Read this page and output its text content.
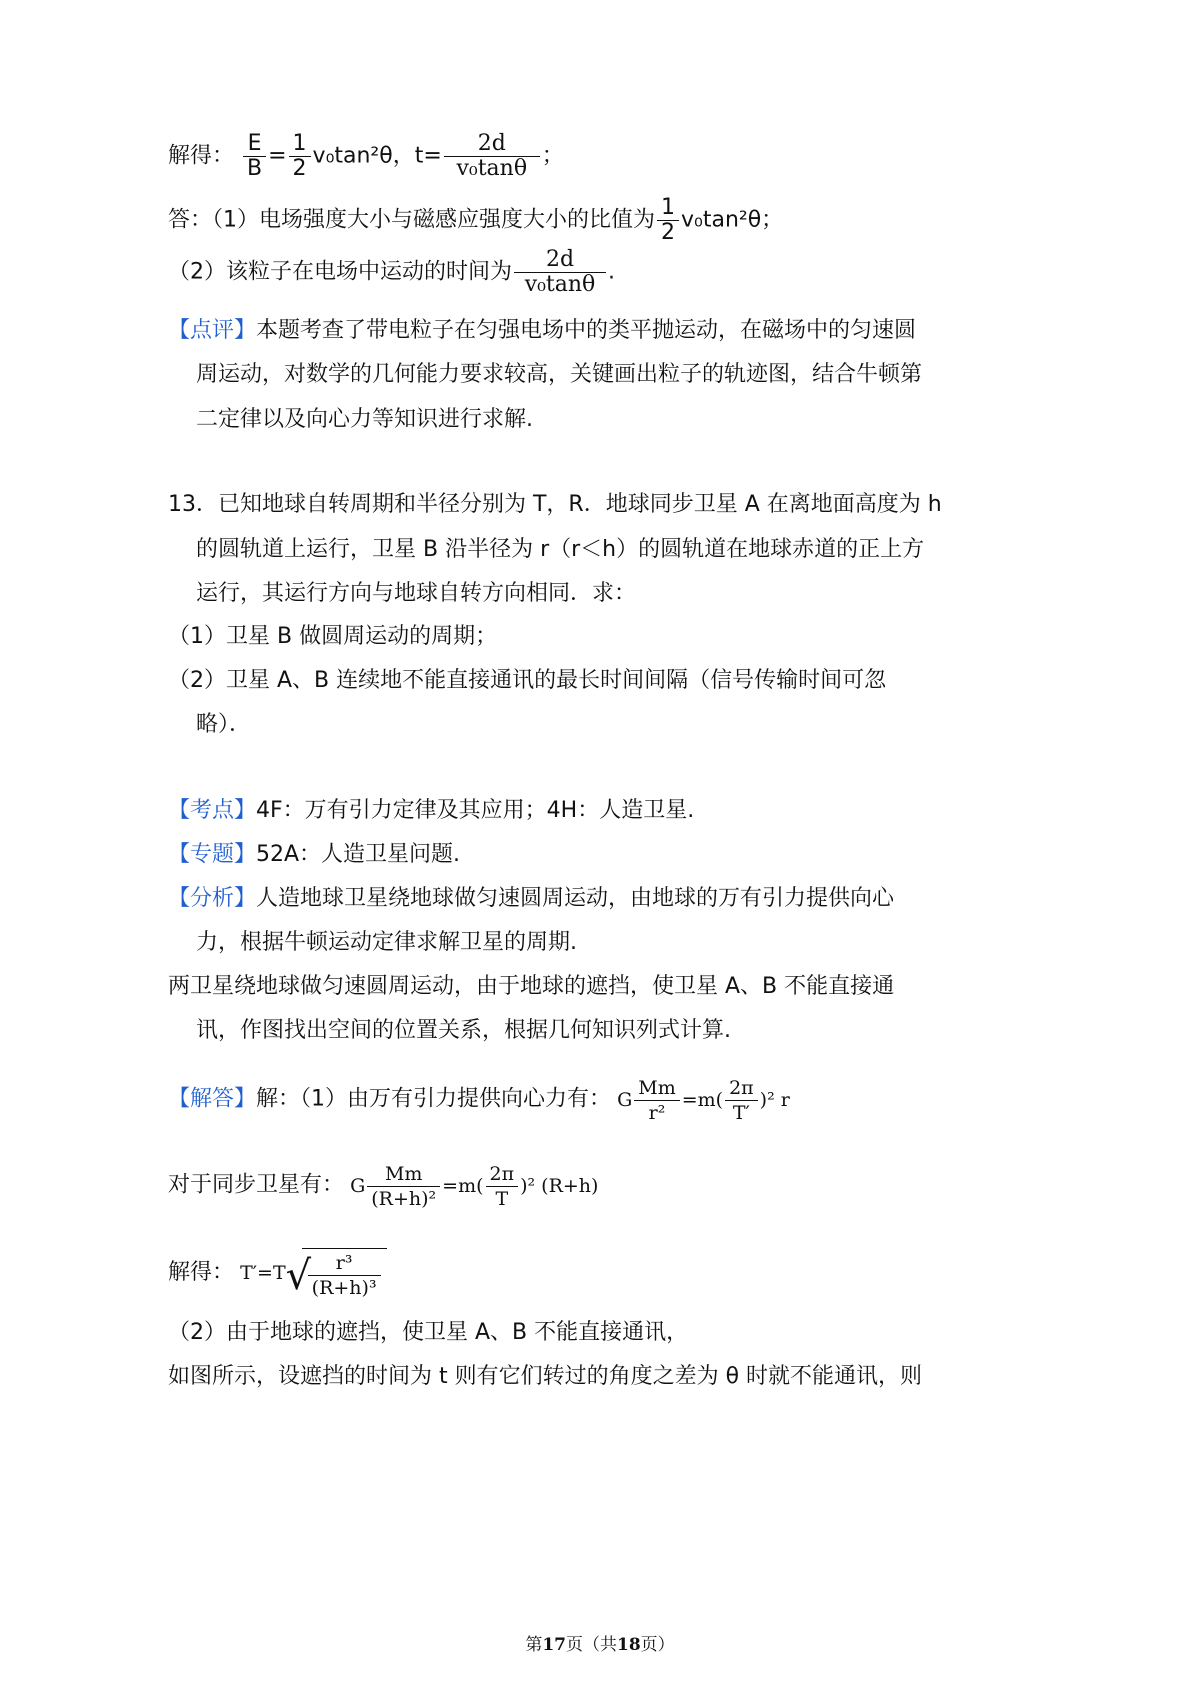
解得： $\frac{E}{B} = \frac{1}{2} v_0\tan^2\theta$，$t= \frac{2d}{\text{v₀tanθ}}$ ；
答：（1）电场强度大小与磁感应强度大小的比值为 $\frac{1}{2} v_0\tan^2\theta$；
（2）该粒子在电场中运动的时间为 $\frac{2d}{\text{v₀tanθ}}$ .
【点评】本题考查了带电粒子在匀强电场中的类平抛运动，在磁场中的匀速圆
周运动，对数学的几何能力要求较高，关键画出粒子的轨迹图，结合牛顿第
二定律以及向心力等知识进行求解.
13．已知地球自转周期和半径分别为 T，R．地球同步卫星 A 在离地面高度为 h
的圆轨道上运行，卫星 B 沿半径为 r（r＜h）的圆轨道在地球赤道的正上方
运行，其运行方向与地球自转方向相同．求：
（1）卫星 B 做圆周运动的周期；
（2）卫星 A、B 连续地不能直接通讯的最长时间间隔（信号传输时间可忽
略）．
【考点】4F：万有引力定律及其应用；4H：人造卫星.
【专题】52A：人造卫星问题.
【分析】人造地球卫星绕地球做匀速圆周运动，由地球的万有引力提供向心
力，根据牛顿运动定律求解卫星的周期.
两卫星绕地球做匀速圆周运动，由于地球的遮挡，使卫星 A、B 不能直接通
讯，作图找出空间的位置关系，根据几何知识列式计算.
【解答】解：（1）由万有引力提供向心力有： G $\frac{Mm}{\text{r²}} =m( \frac{2\pi}{T'} )^2$ r
对于同步卫星有： G $\frac{Mm}{\text{(R+h)²}} =m( \frac{2\pi}{T} )^2$ (R+h)
解得： T′=T √
$\frac{\text{r³}}{\text{(R+h)³}}$
（2）由于地球的遮挡，使卫星 A、B 不能直接通讯，
如图所示，设遮挡的时间为 t 则有它们转过的角度之差为 θ 时就不能通讯，则
第17页（共18页）
